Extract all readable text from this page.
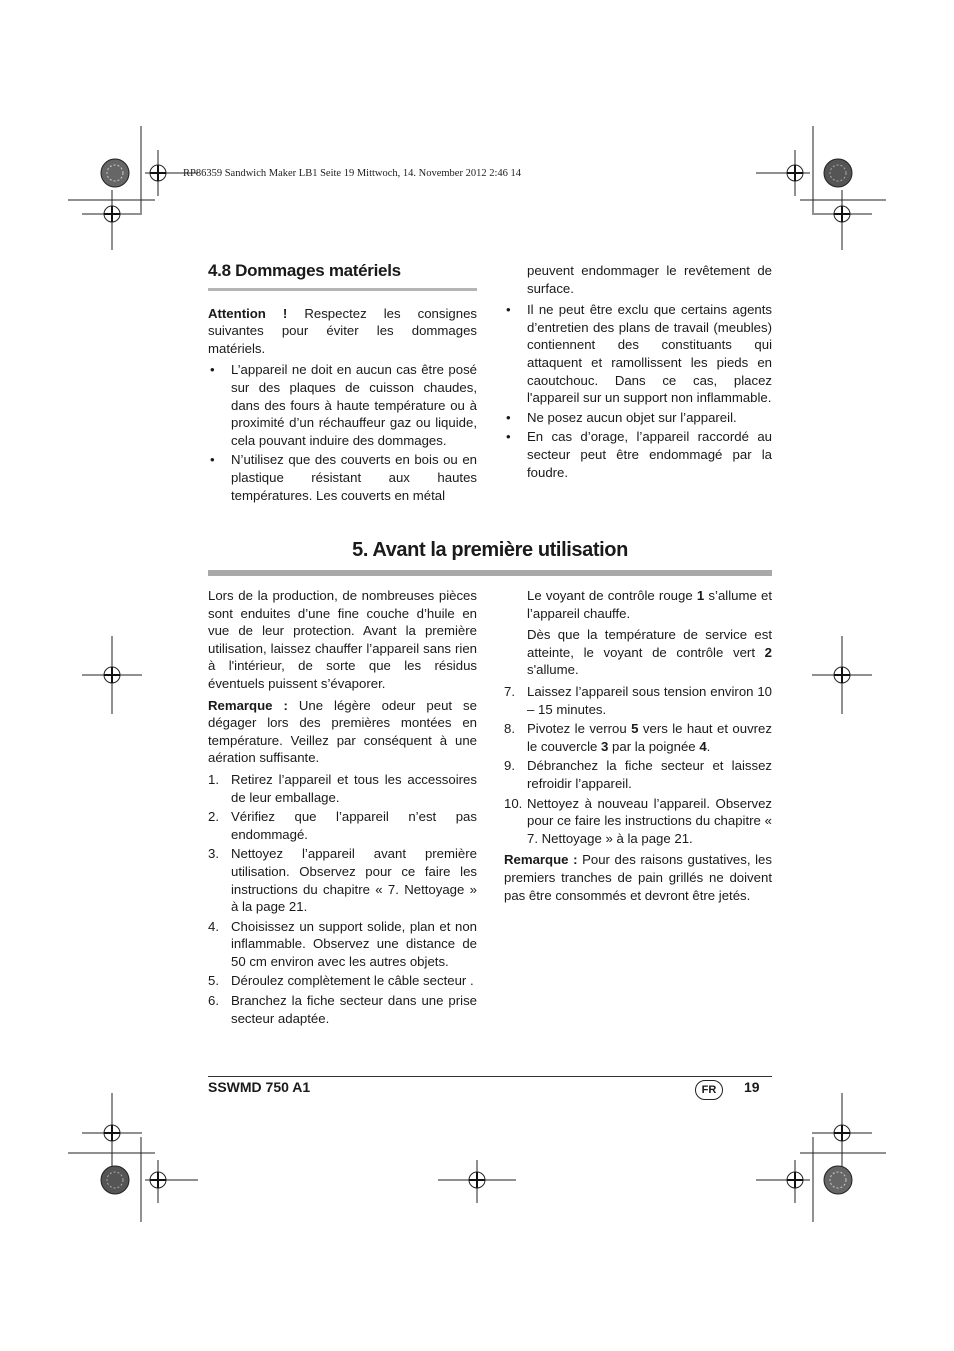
RP86359 Sandwich Maker LB1 Seite 19 Mittwoch, 14. November 2012 2:46 14
4.8 Dommages matériels

Attention ! Respectez les consignes suivantes pour éviter les dommages matériels.

• L’appareil ne doit en aucun cas être posé sur des plaques de cuisson chaudes, dans des fours à haute température ou à proximité d’un réchauffeur gaz ou liquide, cela pouvant induire des dommages.
• N’utilisez que des couverts en bois ou en plastique résistant aux hautes températures. Les couverts en métal

peuvent endommager le revêtement de surface.

• Il ne peut être exclu que certains agents d’entretien des plans de travail (meubles) contiennent des constituants qui attaquent et ramollissent les pieds en caoutchouc. Dans ce cas, placez l'appareil sur un support non inflammable.
• Ne posez aucun objet sur l’appareil.
• En cas d’orage, l’appareil raccordé au secteur peut être endommagé par la foudre.
5. Avant la première utilisation

Lors de la production, de nombreuses pièces sont enduites d’une fine couche d’huile en vue de leur protection. Avant la première utilisation, laissez chauffer l’appareil sans rien à l'intérieur, de sorte que les résidus éventuels puissent s’évaporer.

Remarque : Une légère odeur peut se dégager lors des premières montées en température. Veillez par conséquent à une aération suffisante.

1. Retirez l’appareil et tous les accessoires de leur emballage.
2. Vérifiez que l’appareil n’est pas endommagé.
3. Nettoyez l’appareil avant première utilisation. Observez pour ce faire les instructions du chapitre « 7. Nettoyage » à la page 21.
4. Choisissez un support solide, plan et non inflammable. Observez une distance de 50 cm environ avec les autres objets.
5. Déroulez complètement le câble secteur .
6. Branchez la fiche secteur dans une prise secteur adaptée.

Le voyant de contrôle rouge 1 s’allume et l’appareil chauffe.

Dès que la température de service est atteinte, le voyant de contrôle vert 2 s'allume.

7. Laissez l’appareil sous tension environ 10 – 15 minutes.
8. Pivotez le verrou 5 vers le haut et ouvrez le couvercle 3 par la poignée 4.
9. Débranchez la fiche secteur et laissez refroidir l’appareil.
10. Nettoyez à nouveau l’appareil. Observez pour ce faire les instructions du chapitre « 7. Nettoyage » à la page 21.

Remarque : Pour des raisons gustatives, les premiers tranches de pain grillés ne doivent pas être consommés et devront être jetés.

SSWMD 750 A1	FR	19
